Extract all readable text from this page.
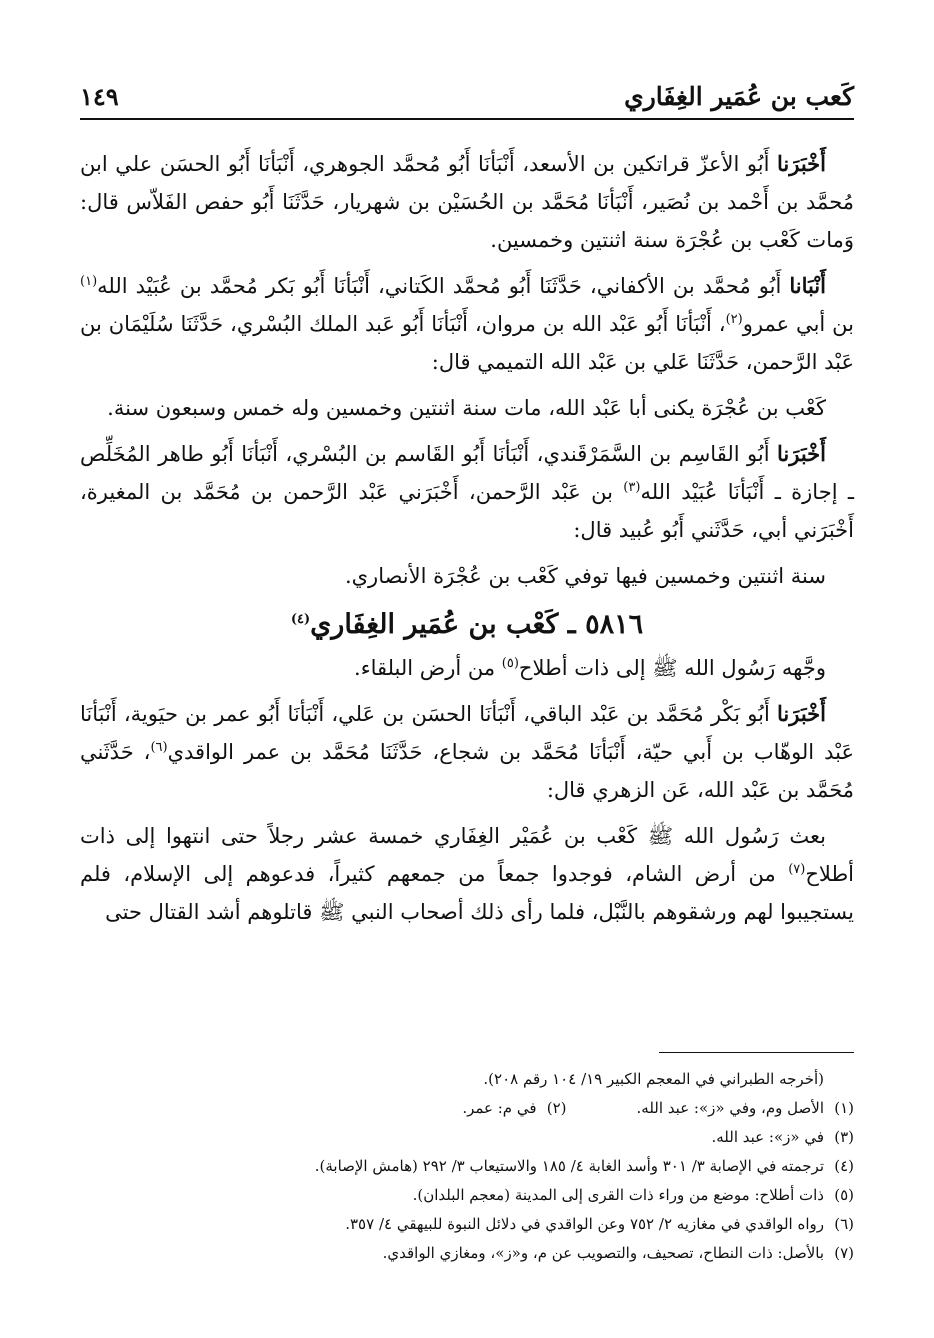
كَعب بن عُمَير الغِفَاري
١٤٩

أَخْبَرَنا أَبُو الأعزّ قراتكين بن الأسعد، أَنْبَأنَا أَبُو مُحمَّد الجوهري، أَنْبَأنَا أَبُو الحسَن علي ابن مُحمَّد بن أَحْمد بن نُصَير، أَنْبَأنَا مُحَمَّد بن الحُسَيْن بن شهريار، حَدَّثَنَا أَبُو حفص الفَلاّس قال: وَمات كَعْب بن عُجْرَة سنة اثنتين وخمسين.

أَنْبَانا أَبُو مُحمَّد بن الأكفاني، حَدَّثَنَا أَبُو مُحمَّد الكَتاني، أَنْبَأنَا أَبُو بَكر مُحمَّد بن عُبَيْد الله$^{(١)}$ بن أبي عمرو$^{(٢)}$، أَنْبَأنَا أَبُو عَبْد الله بن مروان، أَنْبَأنَا أَبُو عَبد الملك البُسْري، حَدَّثَنَا سُلَيْمَان بن عَبْد الرَّحمن، حَدَّثَنَا عَلي بن عَبْد الله التميمي قال:

كَعْب بن عُجْرَة يكنى أبا عَبْد الله، مات سنة اثنتين وخمسين وله خمس وسبعون سنة.

أَخْبَرَنا أَبُو القَاسِم بن السَّمَرْقَندي، أَنْبَأنَا أَبُو القَاسم بن البُسْري، أَنْبَأنَا أَبُو طاهر المُخَلِّص ـ إجازة ـ أَنْبَأنَا عُبَيْد الله$^{(٣)}$ بن عَبْد الرَّحمن، أَخْبَرَني عَبْد الرَّحمن بن مُحَمَّد بن المغيرة، أَخْبَرَني أبي، حَدَّثَني أَبُو عُبيد قال:

سنة اثنتين وخمسين فيها توفي كَعْب بن عُجْرَة الأنصاري.

٥٨١٦ ـ كَعْب بن عُمَير الغِفَاري$^{(٤)}$

وجَّهه رَسُول الله ﷺ إلى ذات أطلاح$^{(٥)}$ من أرض البلقاء.

أَخْبَرَنا أَبُو بَكْر مُحَمَّد بن عَبْد الباقي، أَنْبَأنَا الحسَن بن عَلي، أَنْبَأنَا أَبُو عمر بن حيَوية، أَنْبَأنَا عَبْد الوهّاب بن أَبي حيّة، أَنْبَأنَا مُحَمَّد بن شجاع، حَدَّثَنَا مُحَمَّد بن عمر الواقدي$^{(٦)}$، حَدَّثَني مُحَمَّد بن عَبْد الله، عَن الزهري قال:

بعث رَسُول الله ﷺ كَعْب بن عُمَيْر الغِفَاري خمسة عشر رجلاً حتى انتهوا إلى ذات أطلاح$^{(٧)}$ من أرض الشام، فوجدوا جمعاً من جمعهم كثيراً، فدعوهم إلى الإسلام، فلم يستجيبوا لهم ورشقوهم بالنَّبْل، فلما رأى ذلك أصحاب النبي ﷺ قاتلوهم أشد القتال حتى

(أخرجه الطبراني في المعجم الكبير ١٩/ ١٠٤ رقم ٢٠٨).
(١)الأصل وم، وفي «ز»: عبد الله.(٢)في م: عمر.
(٣)في «ز»: عبد الله.
(٤)ترجمته في الإصابة ٣/ ٣٠١ وأسد الغابة ٤/ ١٨٥ والاستيعاب ٣/ ٢٩٢ (هامش الإصابة).
(٥)ذات أطلاح: موضع من وراء ذات القرى إلى المدينة (معجم البلدان).
(٦)رواه الواقدي في مغازيه ٢/ ٧٥٢ وعن الواقدي في دلائل النبوة للبيهقي ٤/ ٣٥٧.
(٧)بالأصل: ذات النطاح، تصحيف، والتصويب عن م، و«ز»، ومغازي الواقدي.
